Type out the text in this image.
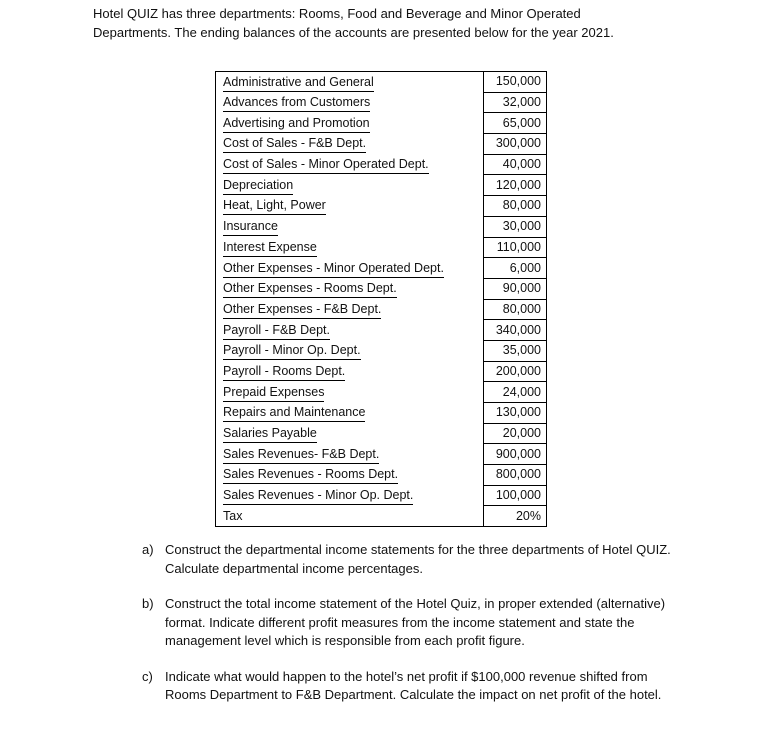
Hotel QUIZ has three departments: Rooms, Food and Beverage and Minor Operated

Departments. The ending balances of the accounts are presented below for the year 2021.

Administrative and General	150,000
Advances from Customers	32,000
Advertising and Promotion	65,000
Cost of Sales - F&B Dept.	300,000
Cost of Sales - Minor Operated Dept.	40,000
Depreciation	120,000
Heat, Light, Power	80,000
Insurance	30,000
Interest Expense	110,000
Other Expenses - Minor Operated Dept.	6,000
Other Expenses - Rooms Dept.	90,000
Other Expenses - F&B Dept.	80,000
Payroll - F&B Dept.	340,000
Payroll - Minor Op. Dept.	35,000
Payroll - Rooms Dept.	200,000
Prepaid Expenses	24,000
Repairs and Maintenance	130,000
Salaries Payable	20,000
Sales Revenues- F&B Dept.	900,000
Sales Revenues - Rooms Dept.	800,000
Sales Revenues - Minor Op. Dept.	100,000
Tax	20%
a) Construct the departmental income statements for the three departments of Hotel QUIZ. Calculate departmental income percentages.
b) Construct the total income statement of the Hotel Quiz, in proper extended (alternative) format. Indicate different profit measures from the income statement and state the management level which is responsible from each profit figure.
c) Indicate what would happen to the hotel’s net profit if $100,000 revenue shifted from Rooms Department to F&B Department. Calculate the impact on net profit of the hotel.
